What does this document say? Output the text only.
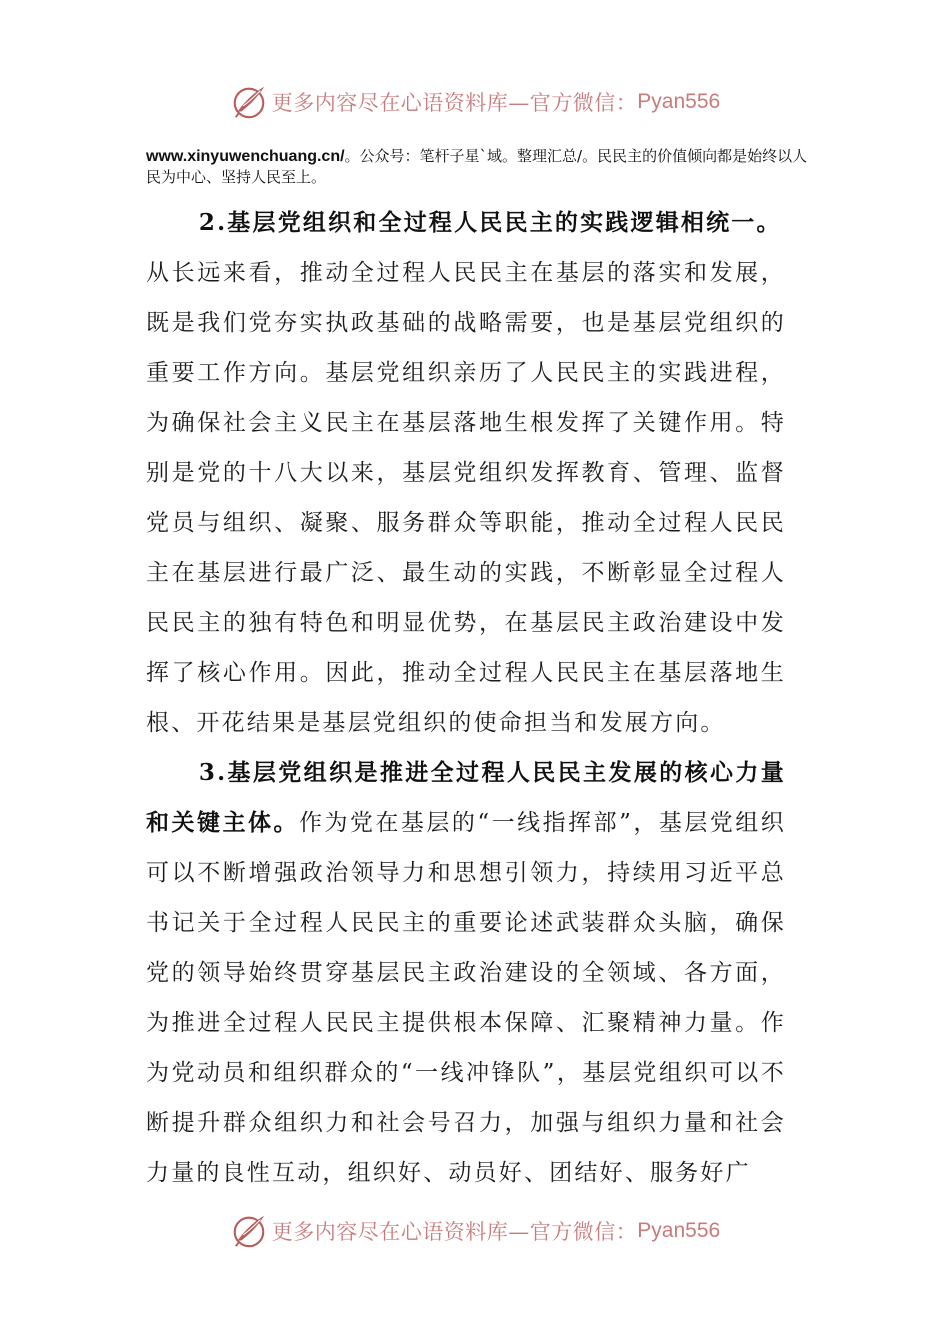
更多内容尽在心语资料库—官方微信： Pyan556
www.xinyuwenchuang.cn/。公众号：笔杆子星`域。整理汇总/。民民主的价值倾向都是始终以人民为中心、坚持人民至上。

2.基层党组织和全过程人民民主的实践逻辑相统一。

从长远来看，推动全过程人民民主在基层的落实和发展，既是我们党夯实执政基础的战略需要，也是基层党组织的重要工作方向。基层党组织亲历了人民民主的实践进程，为确保社会主义民主在基层落地生根发挥了关键作用。特别是党的十八大以来，基层党组织发挥教育、管理、监督党员与组织、凝聚、服务群众等职能，推动全过程人民民主在基层进行最广泛、最生动的实践，不断彰显全过程人民民主的独有特色和明显优势，在基层民主政治建设中发挥了核心作用。因此，推动全过程人民民主在基层落地生根、开花结果是基层党组织的使命担当和发展方向。

3.基层党组织是推进全过程人民民主发展的核心力量和关键主体。作为党在基层的“一线指挥部”，基层党组织可以不断增强政治领导力和思想引领力，持续用习近平总书记关于全过程人民民主的重要论述武装群众头脑，确保党的领导始终贯穿基层民主政治建设的全领域、各方面，为推进全过程人民民主提供根本保障、汇聚精神力量。作为党动员和组织群众的“一线冲锋队”，基层党组织可以不断提升群众组织力和社会号召力，加强与组织力量和社会力量的良性互动，组织好、动员好、团结好、服务好广

更多内容尽在心语资料库—官方微信： Pyan556
